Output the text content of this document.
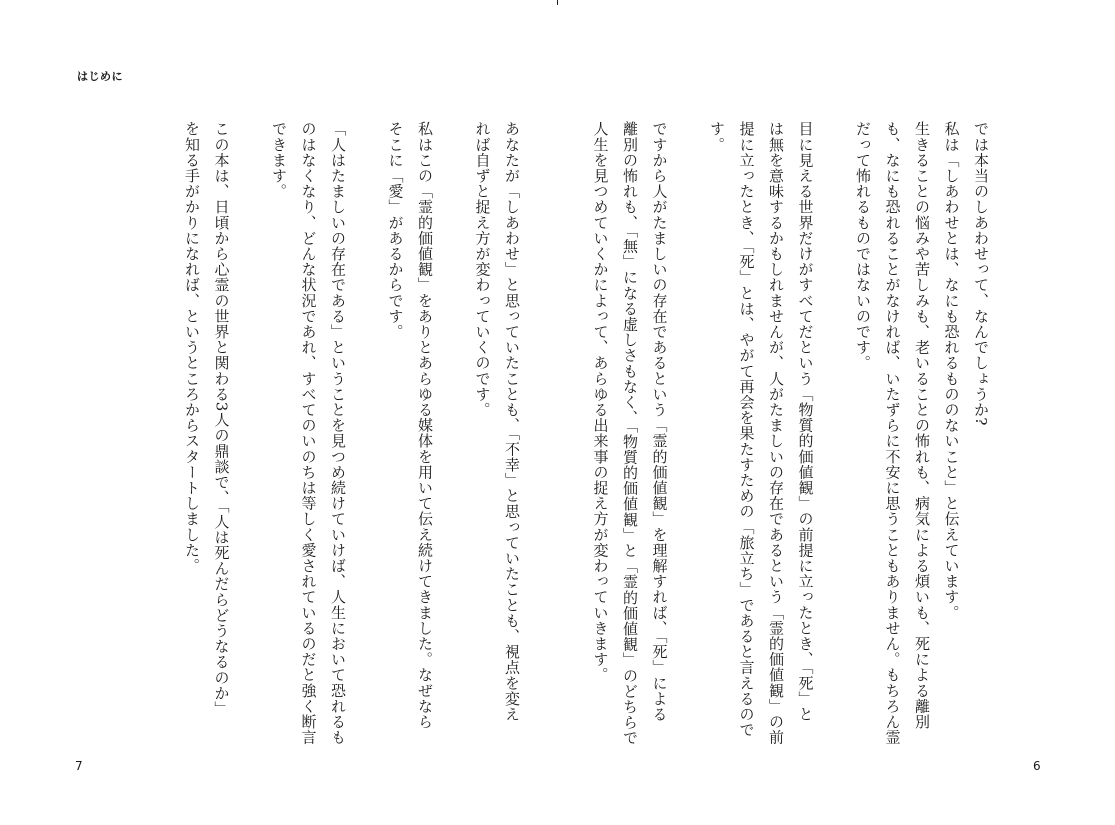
はじめに
では本当のしあわせって、なんでしょうか?
私は「しあわせとは、なにも恐れるもののないこと」と伝えています。
生きることの悩みや苦しみも、老いることの怖れも、病気による煩いも、死による離別
も、なにも恐れることがなければ、いたずらに不安に思うこともありません。もちろん霊
だって怖れるものではないのです。
目に見える世界だけがすべてだという「物質的価値観」の前提に立ったとき、「死」と
は無を意味するかもしれませんが、人がたましいの存在であるという「霊的価値観」の前
提に立ったとき、「死」とは、やがて再会を果たすための「旅立ち」であると言えるので
す。
ですから人がたましいの存在であるという「霊的価値観」を理解すれば、「死」による
離別の怖れも、「無」になる虚しさもなく、「物質的価値観」と「霊的価値観」のどちらで
人生を見つめていくかによって、あらゆる出来事の捉え方が変わっていきます。
あなたが「しあわせ」と思っていたことも、「不幸」と思っていたことも、視点を変え
れば自ずと捉え方が変わっていくのです。
私はこの「霊的価値観」をありとあらゆる媒体を用いて伝え続けてきました。なぜなら
そこに「愛」があるからです。
「人はたましいの存在である」ということを見つめ続けていけば、人生において恐れるも
のはなくなり、どんな状況であれ、すべてのいのちは等しく愛されているのだと強く断言
できます。
この本は、日頃から心霊の世界と関わる3人の鼎談で、「人は死んだらどうなるのか」
を知る手がかりになれば、というところからスタートしました。
7	6
